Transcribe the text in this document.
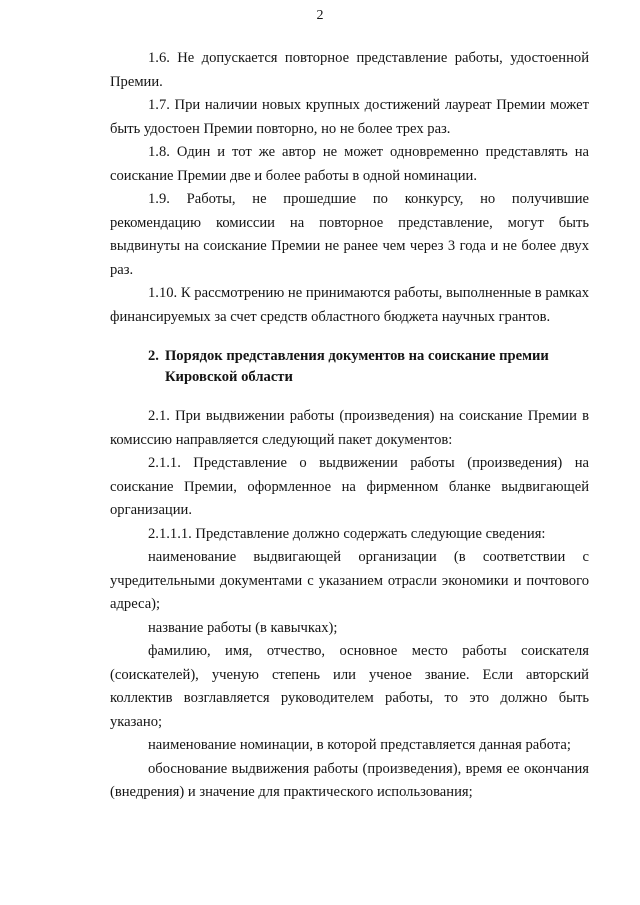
2

1.6. Не допускается повторное представление работы, удостоенной Премии.

1.7. При наличии новых крупных достижений лауреат Премии может быть удостоен Премии повторно, но не более трех раз.

1.8. Один и тот же автор не может одновременно представлять на соискание Премии две и более работы в одной номинации.

1.9. Работы, не прошедшие по конкурсу, но получившие рекомендацию комиссии на повторное представление, могут быть выдвинуты на соискание Премии не ранее чем через 3 года и не более двух раз.

1.10. К рассмотрению не принимаются работы, выполненные в рамках финансируемых за счет средств областного бюджета научных грантов.

2. Порядок представления документов на соискание премии Кировской области

2.1. При выдвижении работы (произведения) на соискание Премии в комиссию направляется следующий пакет документов:

2.1.1. Представление о выдвижении работы (произведения) на соискание Премии, оформленное на фирменном бланке выдвигающей организации.

2.1.1.1. Представление должно содержать следующие сведения:

наименование выдвигающей организации (в соответствии с учредительными документами с указанием отрасли экономики и почтового адреса);

название работы (в кавычках);

фамилию, имя, отчество, основное место работы соискателя (соискателей), ученую степень или ученое звание. Если авторский коллектив возглавляется руководителем работы, то это должно быть указано;

наименование номинации, в которой представляется данная работа;

обоснование выдвижения работы (произведения), время ее окончания (внедрения) и значение для практического использования;
